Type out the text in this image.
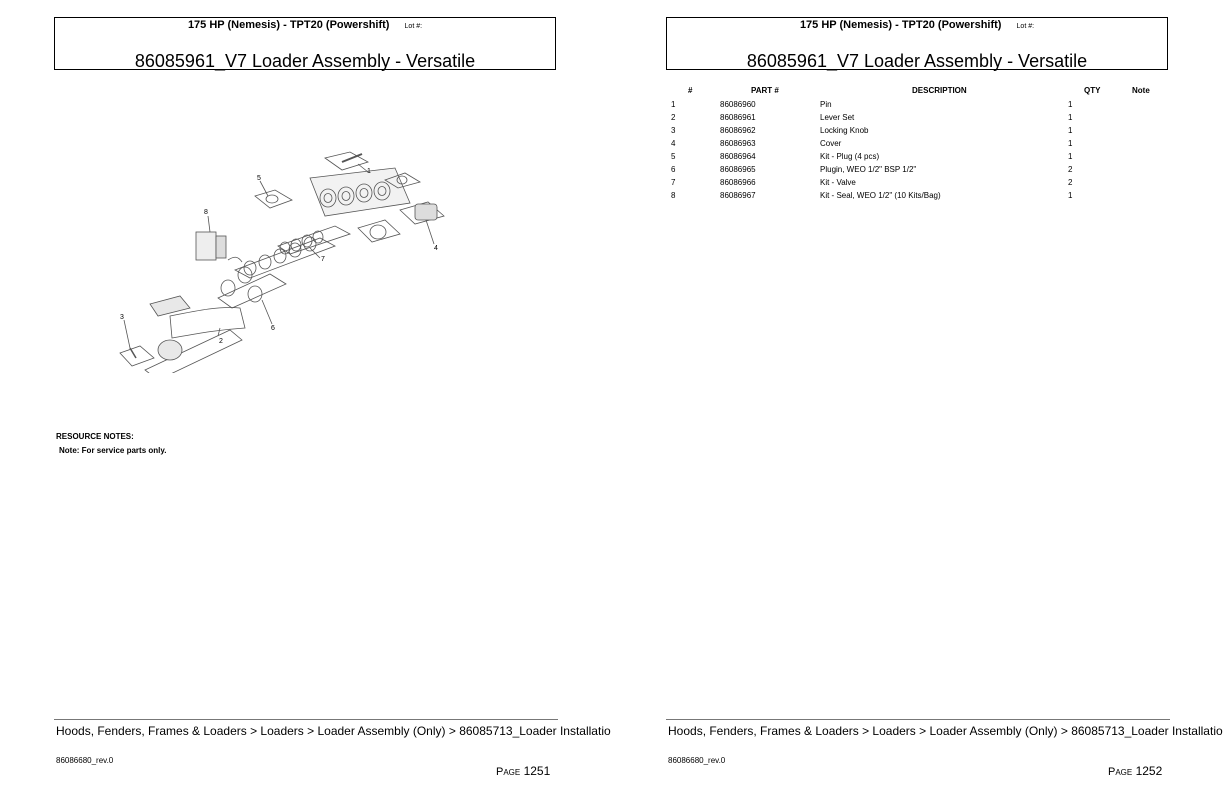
175 HP (Nemesis) - TPT20 (Powershift) Lot #:
86085961_V7 Loader Assembly - Versatile
1
2
3
4
5
6
7
8
RESOURCE NOTES:
Note: For service parts only.
Hoods, Fenders, Frames & Loaders > Loaders > Loader Assembly (Only) > 86085713_Loader Installatio
86086680_rev.0
Page 1251
175 HP (Nemesis) - TPT20 (Powershift) Lot #:
86085961_V7 Loader Assembly - Versatile
#	PART #	DESCRIPTION	QTY	Note
1	86086960	Pin	1
2	86086961	Lever Set	1
3	86086962	Locking Knob	1
4	86086963	Cover	1
5	86086964	Kit - Plug (4 pcs)	1
6	86086965	Plugin, WEO 1/2" BSP 1/2"	2
7	86086966	Kit - Valve	2
8	86086967	Kit - Seal, WEO 1/2" (10 Kits/Bag)	1
Hoods, Fenders, Frames & Loaders > Loaders > Loader Assembly (Only) > 86085713_Loader Installatio
86086680_rev.0
Page 1252
